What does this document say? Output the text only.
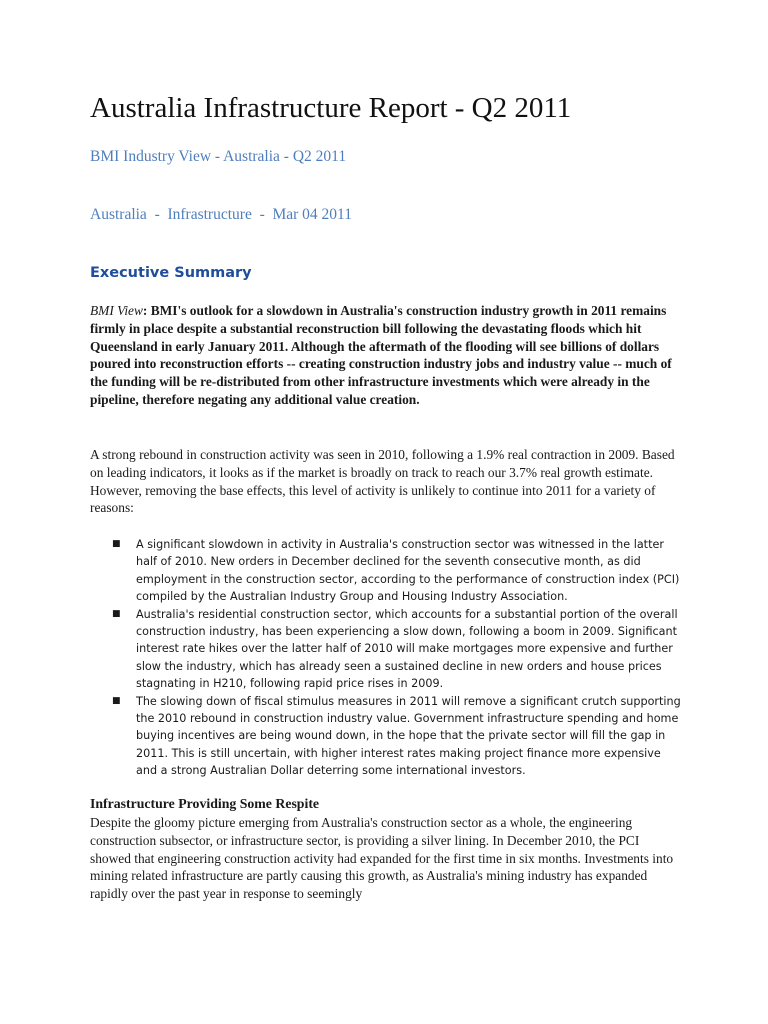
Australia Infrastructure Report - Q2 2011
BMI Industry View - Australia - Q2 2011
Australia  -  Infrastructure  -  Mar 04 2011
Executive Summary

BMI View: BMI's outlook for a slowdown in Australia's construction industry growth in 2011 remains firmly in place despite a substantial reconstruction bill following the devastating floods which hit Queensland in early January 2011. Although the aftermath of the flooding will see billions of dollars poured into reconstruction efforts -- creating construction industry jobs and industry value -- much of the funding will be re-distributed from other infrastructure investments which were already in the pipeline, therefore negating any additional value creation.

A strong rebound in construction activity was seen in 2010, following a 1.9% real contraction in 2009. Based on leading indicators, it looks as if the market is broadly on track to reach our 3.7% real growth estimate. However, removing the base effects, this level of activity is unlikely to continue into 2011 for a variety of reasons:

■ A significant slowdown in activity in Australia's construction sector was witnessed in the latter half of 2010. New orders in December declined for the seventh consecutive month, as did employment in the construction sector, according to the performance of construction index (PCI) compiled by the Australian Industry Group and Housing Industry Association.
■ Australia's residential construction sector, which accounts for a substantial portion of the overall construction industry, has been experiencing a slow down, following a boom in 2009. Significant interest rate hikes over the latter half of 2010 will make mortgages more expensive and further slow the industry, which has already seen a sustained decline in new orders and house prices stagnating in H210, following rapid price rises in 2009.
■ The slowing down of fiscal stimulus measures in 2011 will remove a significant crutch supporting the 2010 rebound in construction industry value. Government infrastructure spending and home buying incentives are being wound down, in the hope that the private sector will fill the gap in 2011. This is still uncertain, with higher interest rates making project finance more expensive and a strong Australian Dollar deterring some international investors.
Infrastructure Providing Some Respite

Despite the gloomy picture emerging from Australia's construction sector as a whole, the engineering construction subsector, or infrastructure sector, is providing a silver lining. In December 2010, the PCI showed that engineering construction activity had expanded for the first time in six months. Investments into mining related infrastructure are partly causing this growth, as Australia's mining industry has expanded rapidly over the past year in response to seemingly
